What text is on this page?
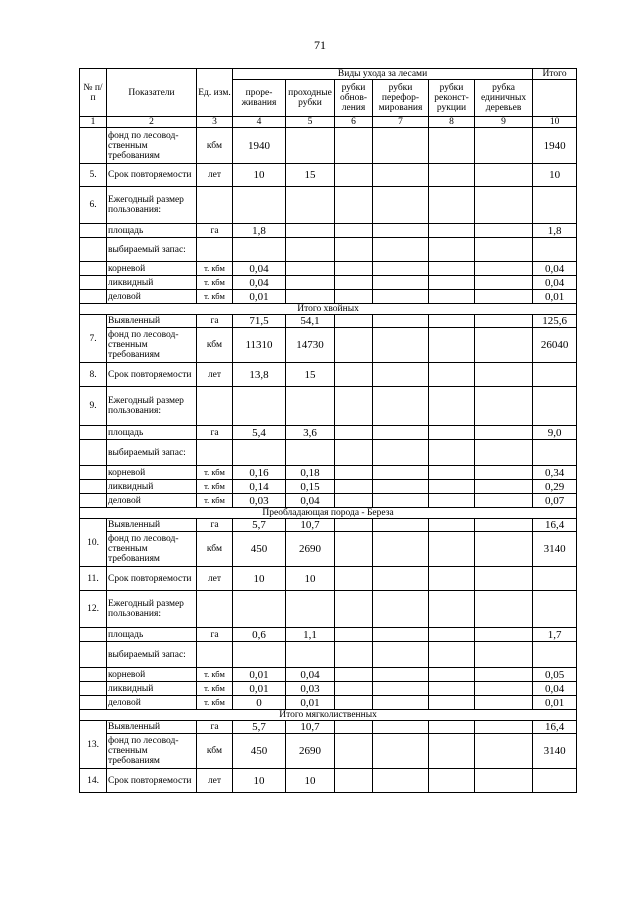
71
№ п/п	Показатели	Ед. изм.	Виды ухода за лесами						Итого
			проре-живания	проходные рубки	рубки обнов-ления	рубки перефор-мирования	рубки реконст-рукции	рубка единичных деревьев	
1	2	3	4	5	6	7	8	9	10
	фонд по лесоводственным требованиям	кбм	1940						1940
5.	Срок повторяемости	лет	10	15					10
6.	Ежегодный размер пользования:								
	площадь	га	1,8						1,8
	выбираемый запас:								
	корневой	т. кбм	0,04						0,04
	ликвидный	т. кбм	0,04						0,04
	деловой	т. кбм	0,01						0,01
Итого хвойных									
7.	Выявленный	га	71,5	54,1					125,6
	фонд по лесоводственным требованиям	кбм	11310	14730					26040
8.	Срок повторяемости	лет	13,8	15					
9.	Ежегодный размер пользования:								
	площадь	га	5,4	3,6					9,0
	выбираемый запас:								
	корневой	т. кбм	0,16	0,18					0,34
	ликвидный	т. кбм	0,14	0,15					0,29
	деловой	т. кбм	0,03	0,04					0,07
Преобладающая порода - Береза									
10.	Выявленный	га	5,7	10,7					16,4
	фонд по лесоводственным требованиям	кбм	450	2690					3140
11.	Срок повторяемости	лет	10	10					
12.	Ежегодный размер пользования:								
	площадь	га	0,6	1,1					1,7
	выбираемый запас:								
	корневой	т. кбм	0,01	0,04					0,05
	ликвидный	т. кбм	0,01	0,03					0,04
	деловой	т. кбм	0	0,01					0,01
Итого мягколиственных									
13.	Выявленный	га	5,7	10,7					16,4
	фонд по лесоводственным требованиям	кбм	450	2690					3140
14.	Срок повторяемости	лет	10	10					
